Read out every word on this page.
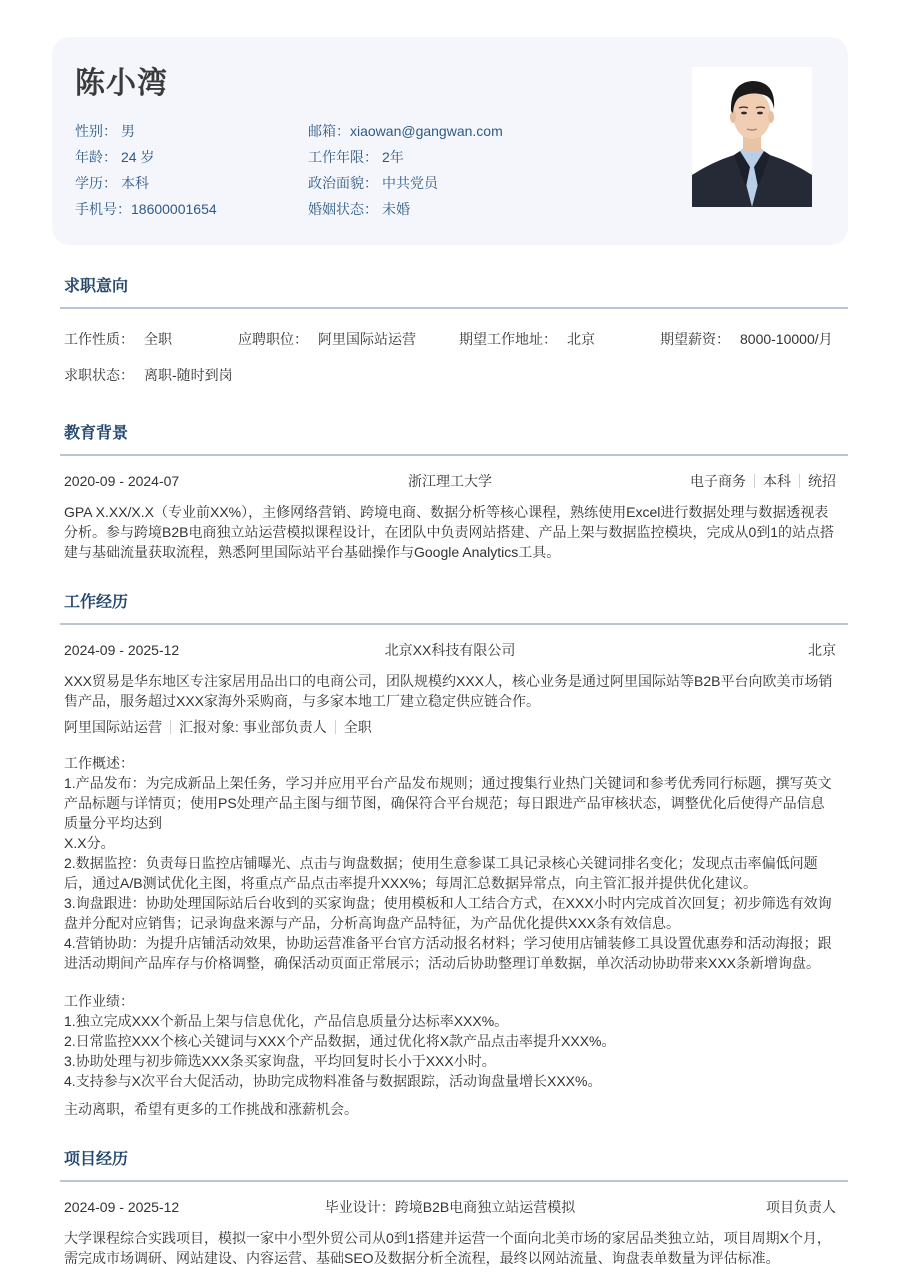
陈小湾
性别： 男
年龄： 24 岁
学历： 本科
手机号：18600001654
邮箱：xiaowan@gangwan.com
工作年限： 2年
政治面貌： 中共党员
婚姻状态： 未婚
求职意向
工作性质： 全职	应聘职位： 阿里国际站运营	期望工作地址： 北京	期望薪资： 8000-10000/月
求职状态： 离职-随时到岗
教育背景
2020-09 - 2024-07	浙江理工大学	电子商务 本科 统招
GPA X.XX/X.X（专业前XX%），主修网络营销、跨境电商、数据分析等核心课程，熟练使用Excel进行数据处理与数据透视表分析。参与跨境B2B电商独立站运营模拟课程设计，在团队中负责网站搭建、产品上架与数据监控模块，完成从0到1的站点搭建与基础流量获取流程，熟悉阿里国际站平台基础操作与Google Analytics工具。
工作经历
2024-09 - 2025-12	北京XX科技有限公司	北京
XXX贸易是华东地区专注家居用品出口的电商公司，团队规模约XXX人，核心业务是通过阿里国际站等B2B平台向欧美市场销售产品，服务超过XXX家海外采购商，与多家本地工厂建立稳定供应链合作。
阿里国际站运营 汇报对象: 事业部负责人 全职
工作概述：
1.产品发布：为完成新品上架任务，学习并应用平台产品发布规则；通过搜集行业热门关键词和参考优秀同行标题，撰写英文产品标题与详情页；使用PS处理产品主图与细节图，确保符合平台规范；每日跟进产品审核状态，调整优化后使得产品信息质量分平均达到
X.X分。
2.数据监控：负责每日监控店铺曝光、点击与询盘数据；使用生意参谋工具记录核心关键词排名变化；发现点击率偏低问题后，通过A/B测试优化主图，将重点产品点击率提升XXX%；每周汇总数据异常点，向主管汇报并提供优化建议。
3.询盘跟进：协助处理国际站后台收到的买家询盘；使用模板和人工结合方式，在XXX小时内完成首次回复；初步筛选有效询盘并分配对应销售；记录询盘来源与产品，分析高询盘产品特征，为产品优化提供XXX条有效信息。
4.营销协助：为提升店铺活动效果，协助运营准备平台官方活动报名材料；学习使用店铺装修工具设置优惠券和活动海报；跟进活动期间产品库存与价格调整，确保活动页面正常展示；活动后协助整理订单数据，单次活动协助带来XXX条新增询盘。
工作业绩：
1.独立完成XXX个新品上架与信息优化，产品信息质量分达标率XXX%。
2.日常监控XXX个核心关键词与XXX个产品数据，通过优化将X款产品点击率提升XXX%。
3.协助处理与初步筛选XXX条买家询盘，平均回复时长小于XXX小时。
4.支持参与X次平台大促活动，协助完成物料准备与数据跟踪，活动询盘量增长XXX%。
主动离职，希望有更多的工作挑战和涨薪机会。
项目经历
2024-09 - 2025-12	毕业设计：跨境B2B电商独立站运营模拟	项目负责人
大学课程综合实践项目，模拟一家中小型外贸公司从0到1搭建并运营一个面向北美市场的家居品类独立站，项目周期X个月，需完成市场调研、网站建设、内容运营、基础SEO及数据分析全流程，最终以网站流量、询盘表单数量为评估标准。
